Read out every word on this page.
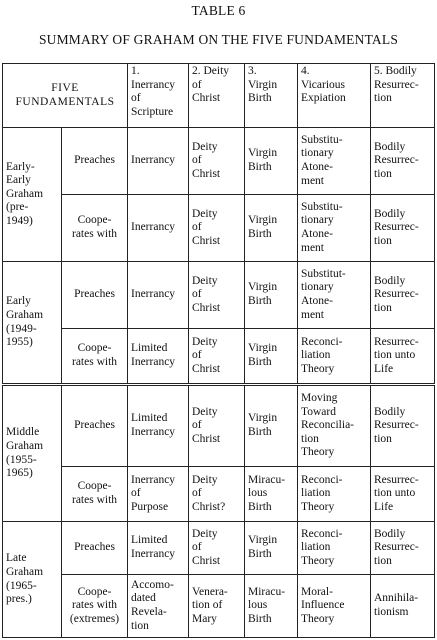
TABLE 6

SUMMARY OF GRAHAM ON THE FIVE FUNDAMENTALS

FIVE
FUNDAMENTALS		1.
Inerrancy
of
Scripture	2. Deity of
Christ	3.
Virgin
Birth	4.
Vicarious
Expiation	5. Bodily
Resurrec-
tion
Early-
Early
Graham
(pre-
1949)	Preaches	Inerrancy	Deity
of
Christ	Virgin
Birth	Substitu-
tionary
Atone-
ment	Bodily
Resurrec-
tion
	Coope-
rates with	Inerrancy	Deity
of
Christ	Virgin
Birth	Substitu-
tionary
Atone-
ment	Bodily
Resurrec-
tion
Early
Graham
(1949-
1955)	Preaches	Inerrancy	Deity
of
Christ	Virgin
Birth	Substitut-
tionary
Atone-
ment	Bodily
Resurrec-
tion
	Coope-
rates with	Limited
Inerrancy	Deity
of
Christ	Virgin
Birth	Reconci-
liation
Theory	Resurrec-
tion unto
Life
Middle
Graham
(1955-
1965)	Preaches	Limited
Inerrancy	Deity
of
Christ	Virgin
Birth	Moving
Toward
Reconcilia-
tion
Theory	Bodily
Resurrec-
tion
	Coope-
rates with	Inerrancy
of
Purpose	Deity
of
Christ?	Miracu-
lous
Birth	Reconci-
liation
Theory	Resurrec-
tion unto
Life
Late
Graham
(1965-
pres.)	Preaches	Limited
Inerrancy	Deity
of
Christ	Virgin
Birth	Reconci-
liation
Theory	Bodily
Resurrec-
tion
	Coope-
rates with
(extremes)	Accomo-
dated
Revela-
tion	Venera-
tion of
Mary	Miracu-
lous
Birth	Moral-
Influence
Theory	Annihila-
tionism
